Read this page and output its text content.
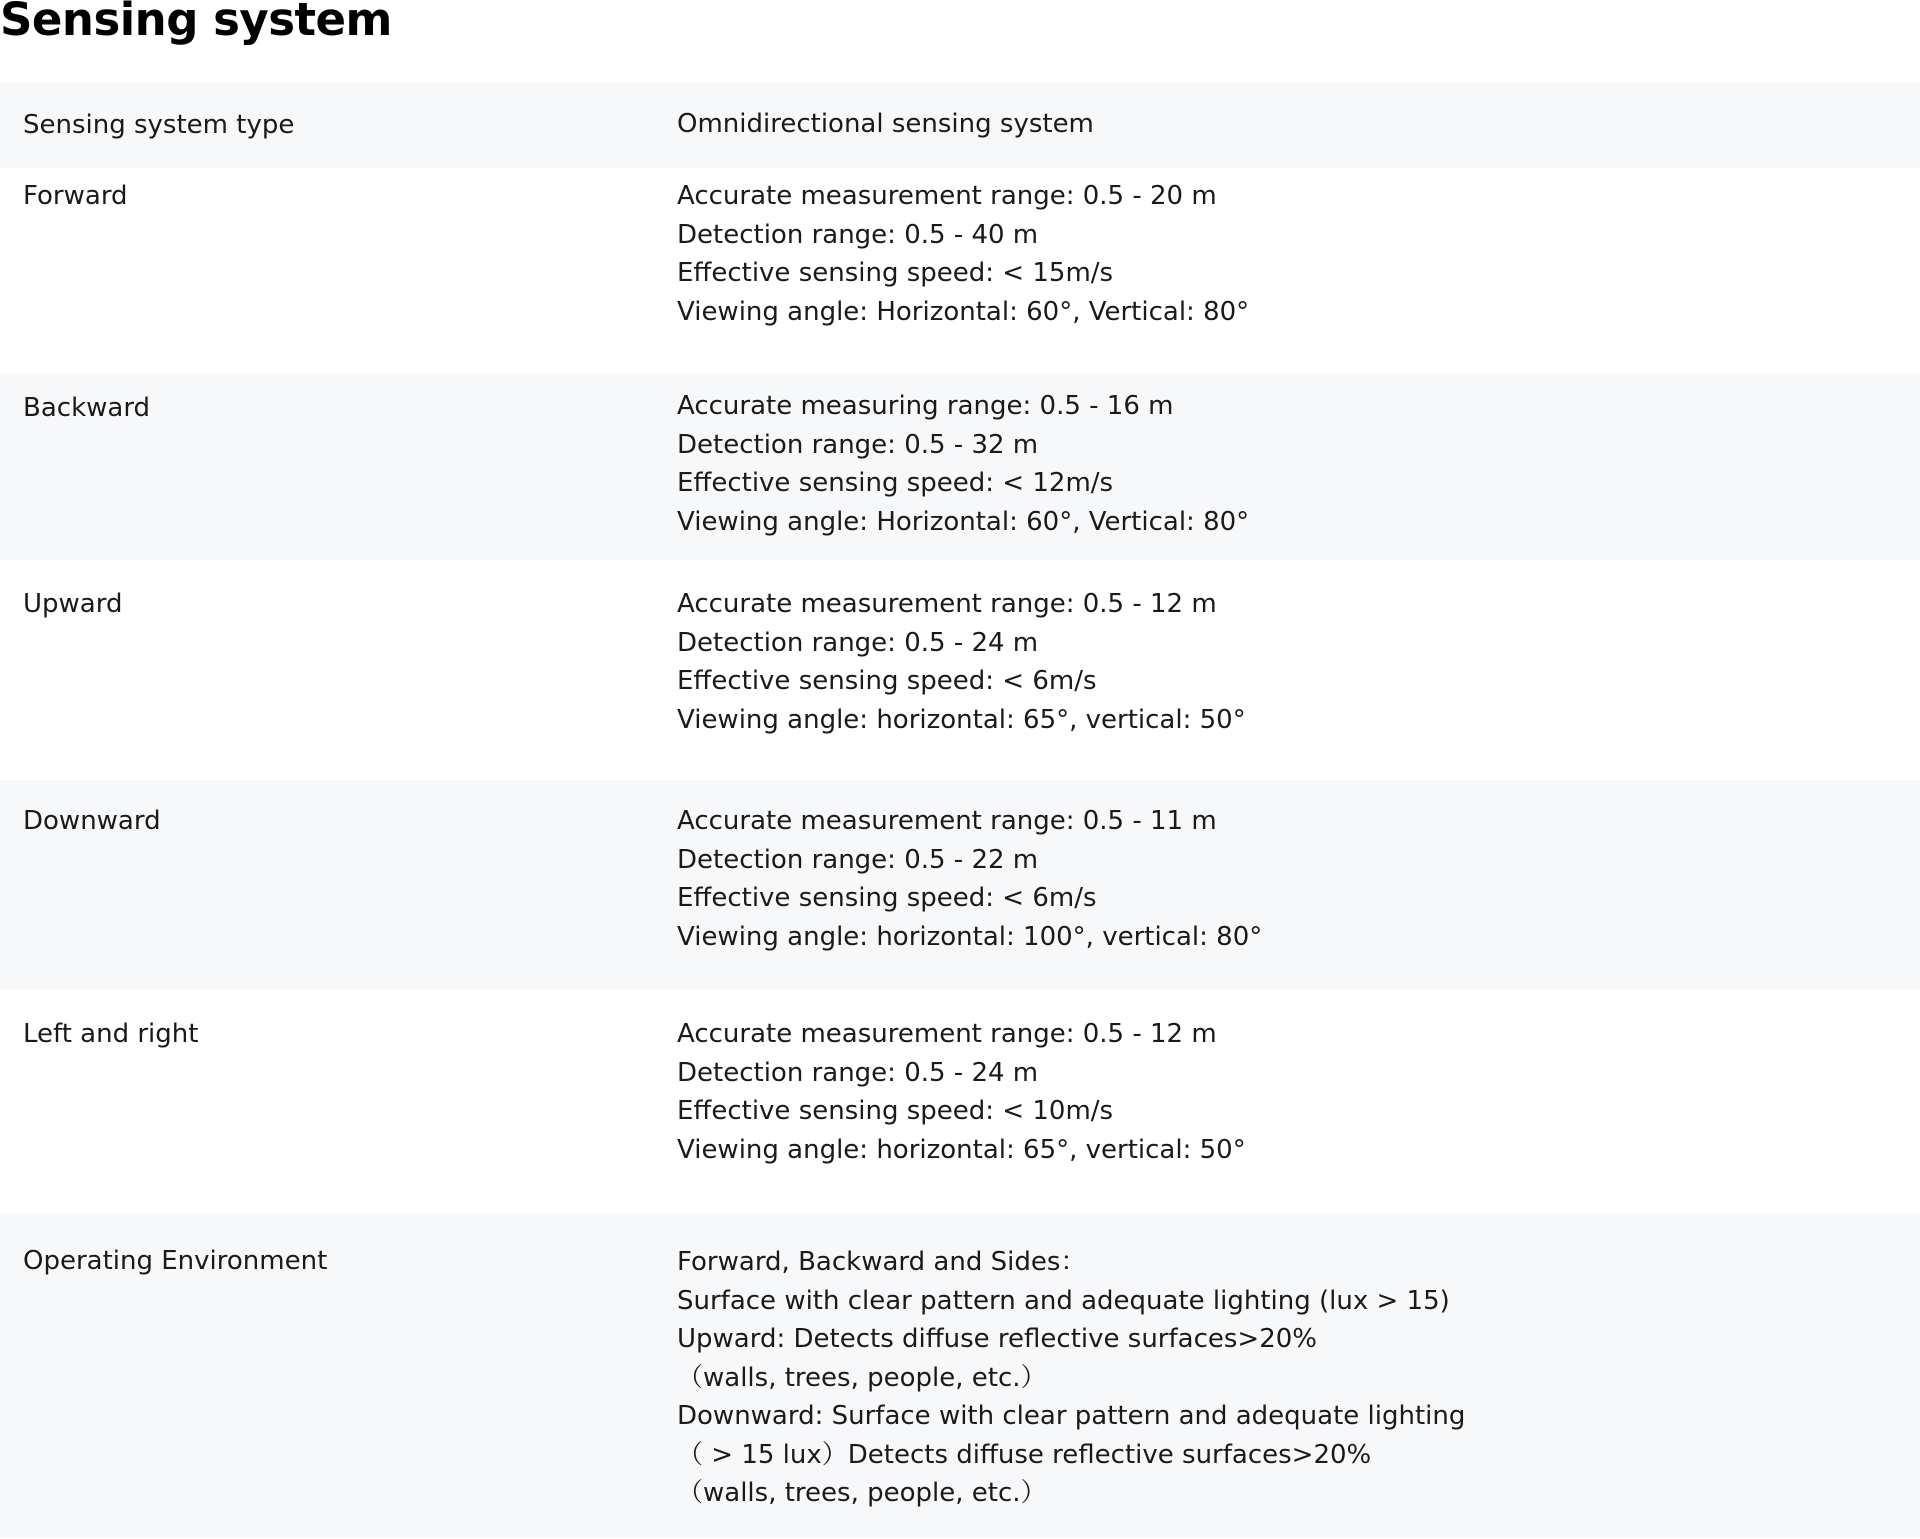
Sensing system
Sensing system type	Omnidirectional sensing system
Forward	Accurate measurement range: 0.5 - 20 m
Detection range: 0.5 - 40 m
Effective sensing speed: < 15m/s
Viewing angle: Horizontal: 60°, Vertical: 80°
Backward	Accurate measuring range: 0.5 - 16 m
Detection range: 0.5 - 32 m
Effective sensing speed: < 12m/s
Viewing angle: Horizontal: 60°, Vertical: 80°
Upward	Accurate measurement range: 0.5 - 12 m
Detection range: 0.5 - 24 m
Effective sensing speed: < 6m/s
Viewing angle: horizontal: 65°, vertical: 50°
Downward	Accurate measurement range: 0.5 - 11 m
Detection range: 0.5 - 22 m
Effective sensing speed: < 6m/s
Viewing angle: horizontal: 100°, vertical: 80°
Left and right	Accurate measurement range: 0.5 - 12 m
Detection range: 0.5 - 24 m
Effective sensing speed: < 10m/s
Viewing angle: horizontal: 65°, vertical: 50°
Operating Environment	Forward, Backward and Sides：
Surface with clear pattern and adequate lighting (lux > 15)
Upward: Detects diffuse reflective surfaces>20%
（walls, trees, people, etc.）
Downward: Surface with clear pattern and adequate lighting
（ > 15 lux）Detects diffuse reflective surfaces>20%
（walls, trees, people, etc.）
